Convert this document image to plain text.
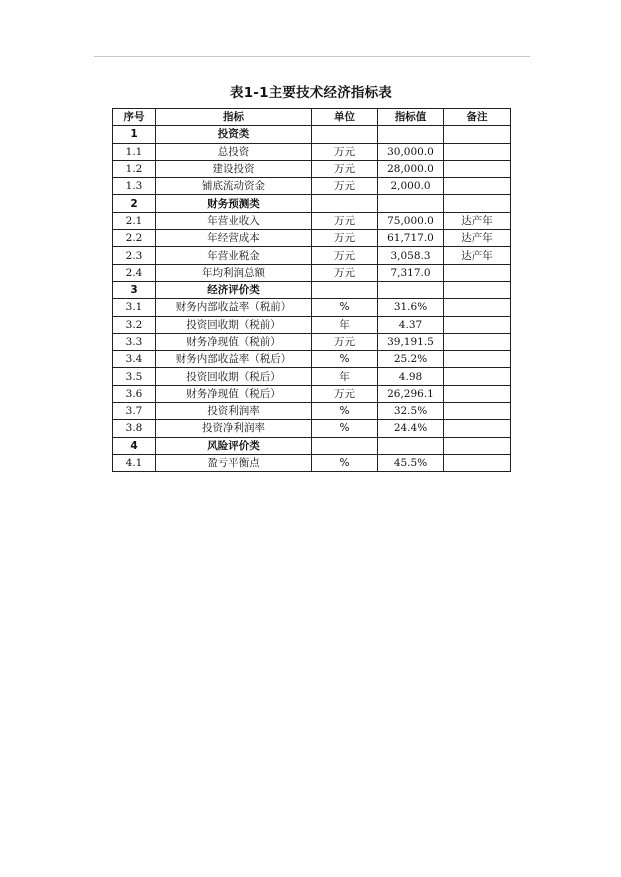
表1-1主要技术经济指标表
序号	指标	单位	指标值	备注
1	投资类			
1.1	总投资	万元	30,000.0	
1.2	建设投资	万元	28,000.0	
1.3	铺底流动资金	万元	2,000.0	
2	财务预测类			
2.1	年营业收入	万元	75,000.0	达产年
2.2	年经营成本	万元	61,717.0	达产年
2.3	年营业税金	万元	3,058.3	达产年
2.4	年均利润总额	万元	7,317.0	
3	经济评价类			
3.1	财务内部收益率（税前）	%	31.6%	
3.2	投资回收期（税前）	年	4.37	
3.3	财务净现值（税前）	万元	39,191.5	
3.4	财务内部收益率（税后）	%	25.2%	
3.5	投资回收期（税后）	年	4.98	
3.6	财务净现值（税后）	万元	26,296.1	
3.7	投资利润率	%	32.5%	
3.8	投资净利润率	%	24.4%	
4	风险评价类			
4.1	盈亏平衡点	%	45.5%	
